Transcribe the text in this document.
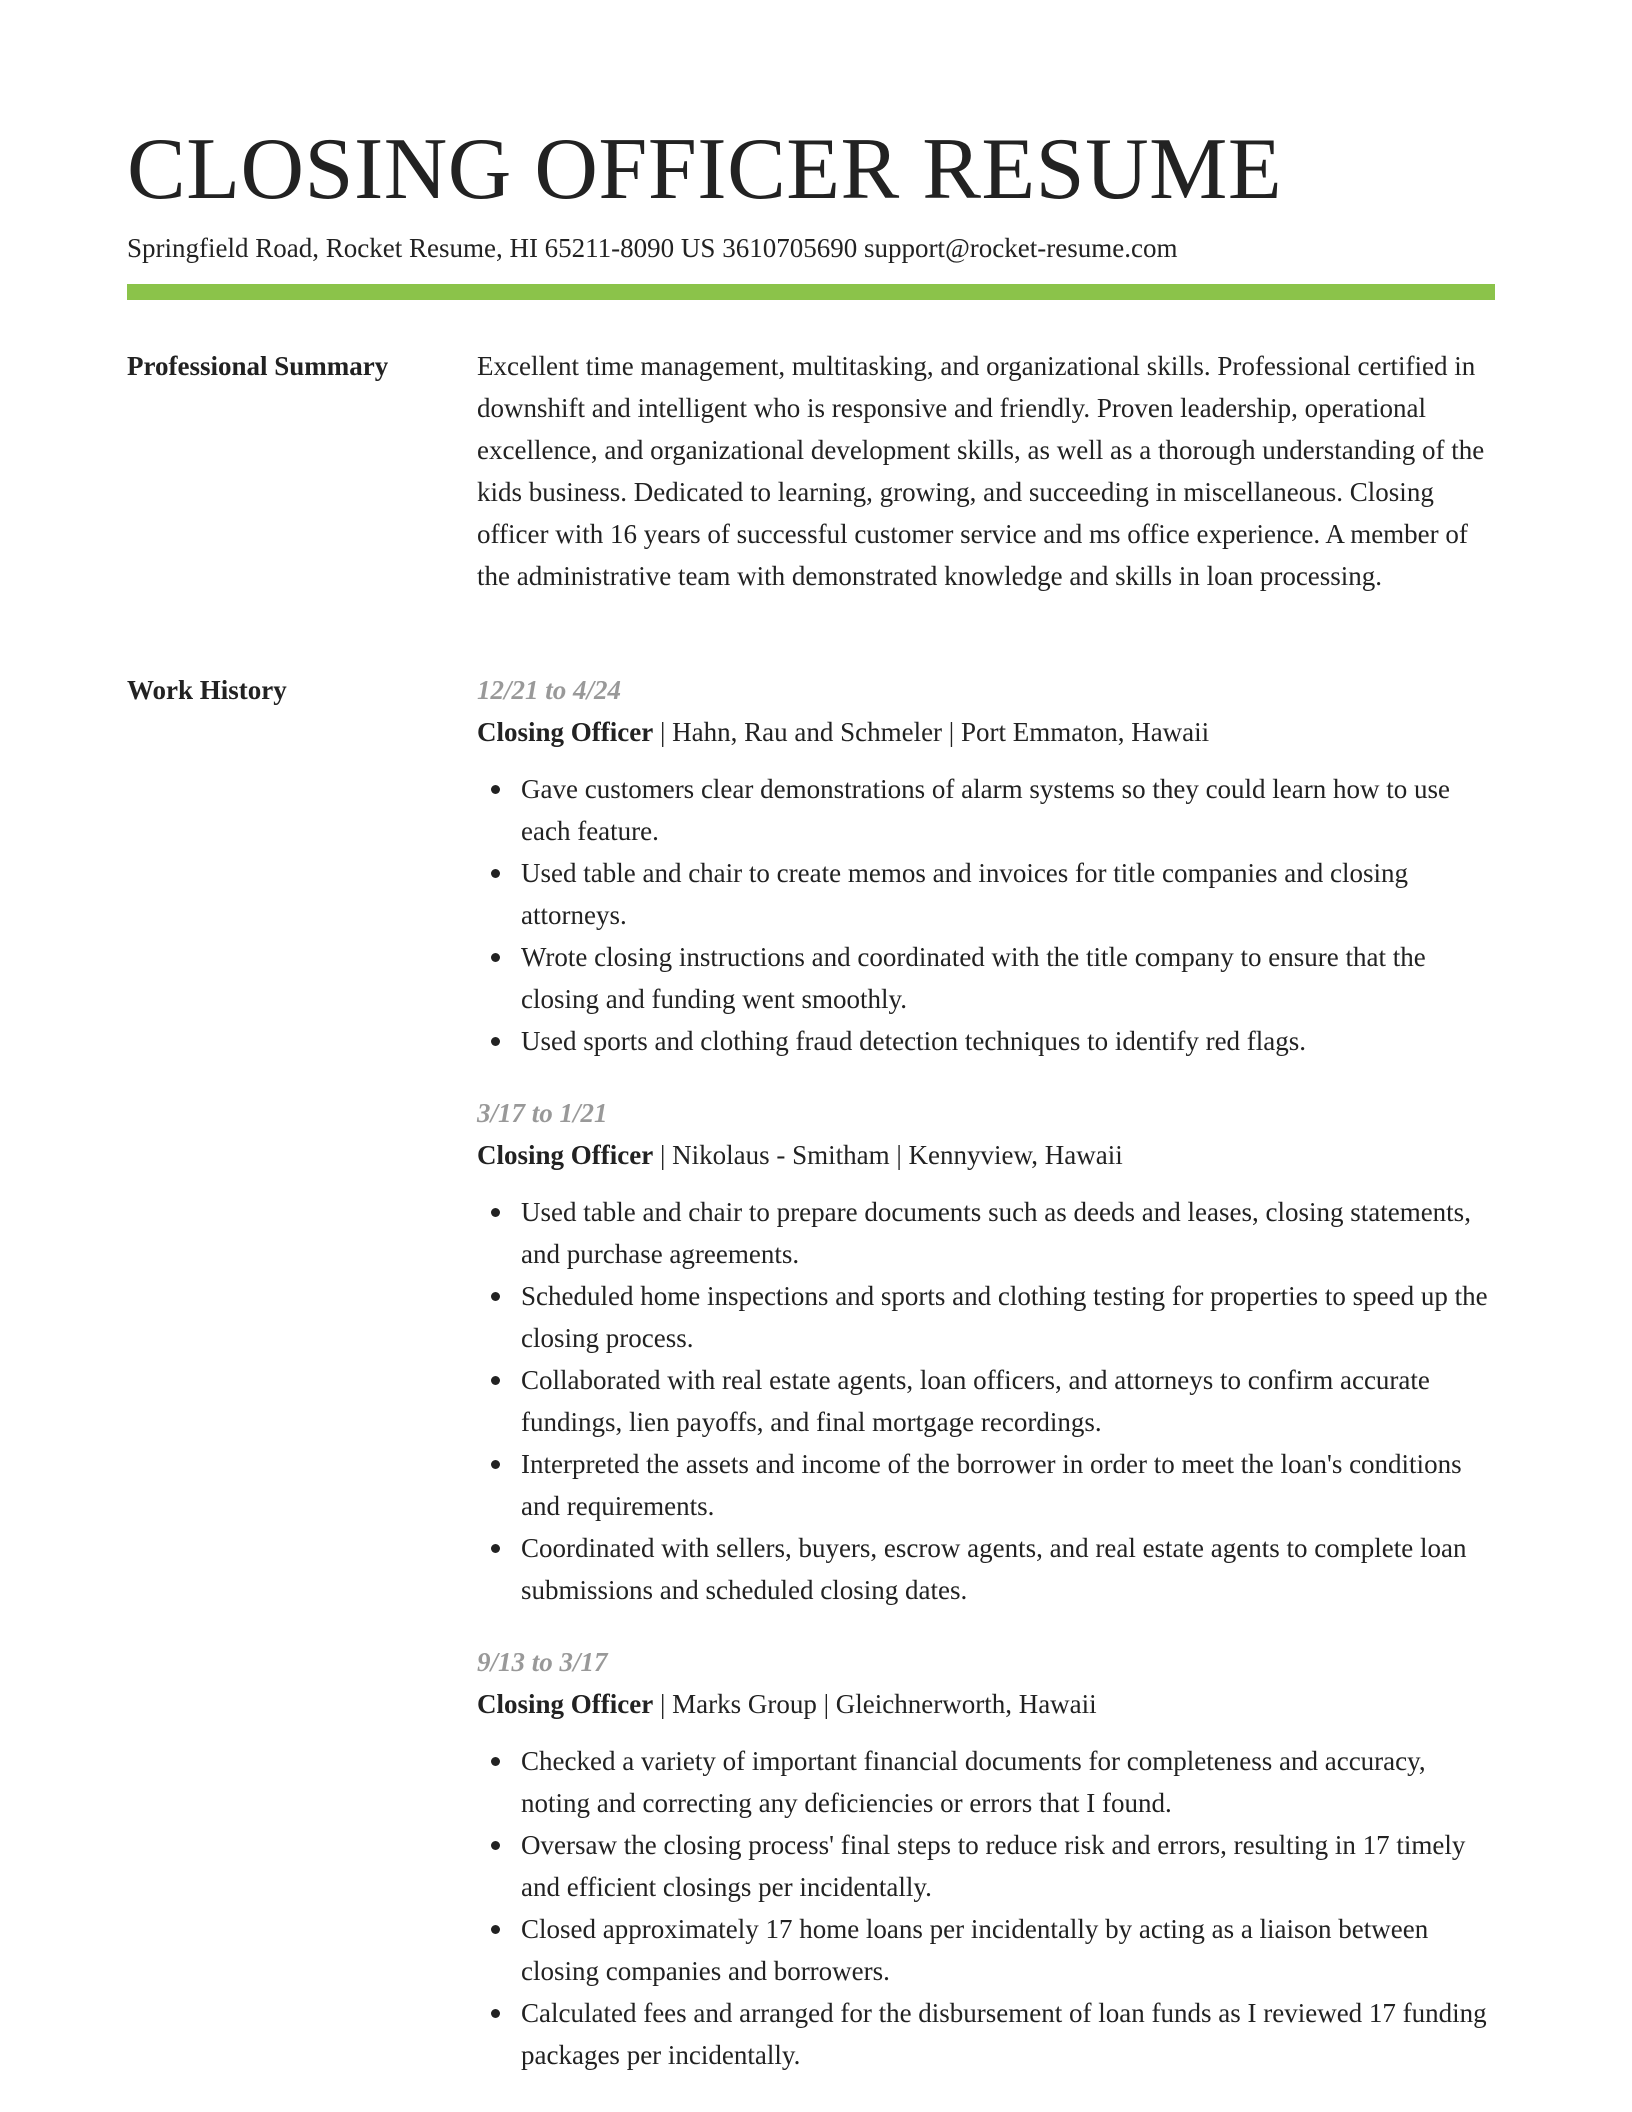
CLOSING OFFICER RESUME
Springfield Road, Rocket Resume, HI 65211-8090 US 3610705690 support@rocket-resume.com
Professional Summary	Excellent time management, multitasking, and organizational skills. Professional certified in downshift and intelligent who is responsive and friendly. Proven leadership, operational excellence, and organizational development skills, as well as a thorough understanding of the kids business. Dedicated to learning, growing, and succeeding in miscellaneous. Closing officer with 16 years of successful customer service and ms office experience. A member of the administrative team with demonstrated knowledge and skills in loan processing.

Work History	12/21 to 4/24
Closing Officer | Hahn, Rau and Schmeler | Port Emmaton, Hawaii
Gave customers clear demonstrations of alarm systems so they could learn how to use each feature.
Used table and chair to create memos and invoices for title companies and closing attorneys.
Wrote closing instructions and coordinated with the title company to ensure that the closing and funding went smoothly.
Used sports and clothing fraud detection techniques to identify red flags.
3/17 to 1/21
Closing Officer | Nikolaus - Smitham | Kennyview, Hawaii
Used table and chair to prepare documents such as deeds and leases, closing statements, and purchase agreements.
Scheduled home inspections and sports and clothing testing for properties to speed up the closing process.
Collaborated with real estate agents, loan officers, and attorneys to confirm accurate fundings, lien payoffs, and final mortgage recordings.
Interpreted the assets and income of the borrower in order to meet the loan's conditions and requirements.
Coordinated with sellers, buyers, escrow agents, and real estate agents to complete loan submissions and scheduled closing dates.
9/13 to 3/17
Closing Officer | Marks Group | Gleichnerworth, Hawaii
Checked a variety of important financial documents for completeness and accuracy, noting and correcting any deficiencies or errors that I found.
Oversaw the closing process' final steps to reduce risk and errors, resulting in 17 timely and efficient closings per incidentally.
Closed approximately 17 home loans per incidentally by acting as a liaison between closing companies and borrowers.
Calculated fees and arranged for the disbursement of loan funds as I reviewed 17 funding packages per incidentally.
